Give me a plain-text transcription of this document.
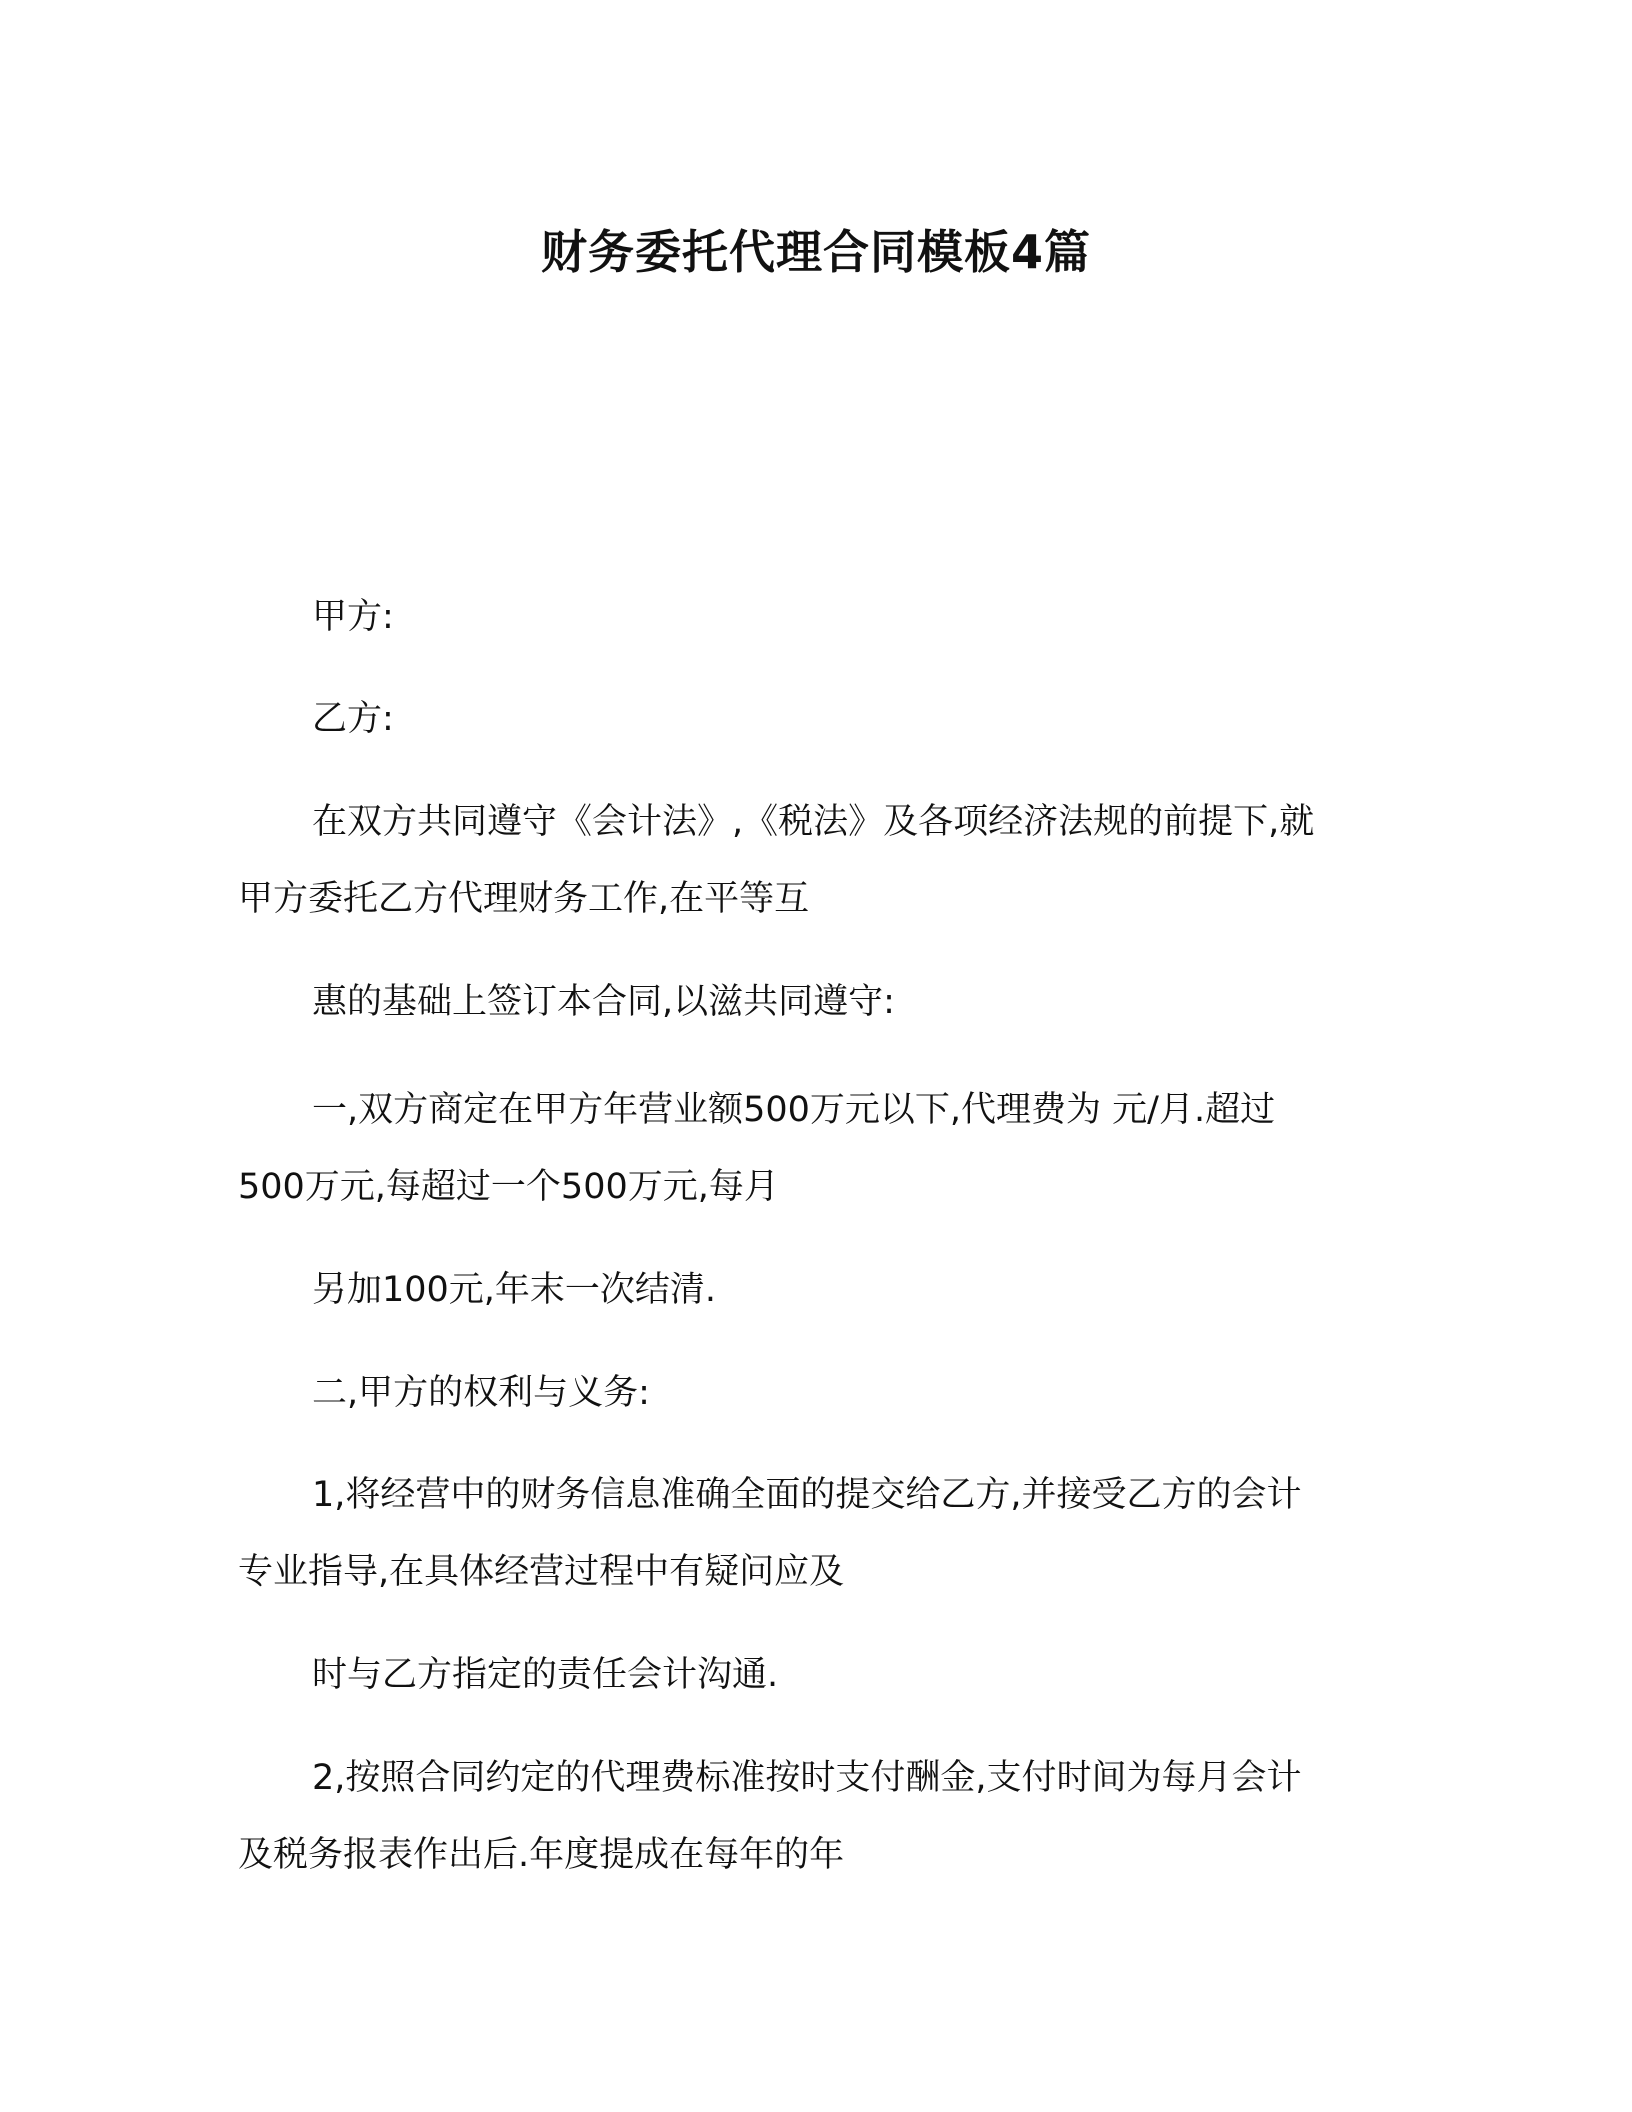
财务委托代理合同模板4篇
甲方:
乙方:
在双方共同遵守《会计法》,《税法》及各项经济法规的前提下,就
甲方委托乙方代理财务工作,在平等互
惠的基础上签订本合同,以滋共同遵守:
一,双方商定在甲方年营业额500万元以下,代理费为 元/月.超过
500万元,每超过一个500万元,每月
另加100元,年末一次结清.
二,甲方的权利与义务:
1,将经营中的财务信息准确全面的提交给乙方,并接受乙方的会计
专业指导,在具体经营过程中有疑问应及
时与乙方指定的责任会计沟通.
2,按照合同约定的代理费标准按时支付酬金,支付时间为每月会计
及税务报表作出后.年度提成在每年的年
